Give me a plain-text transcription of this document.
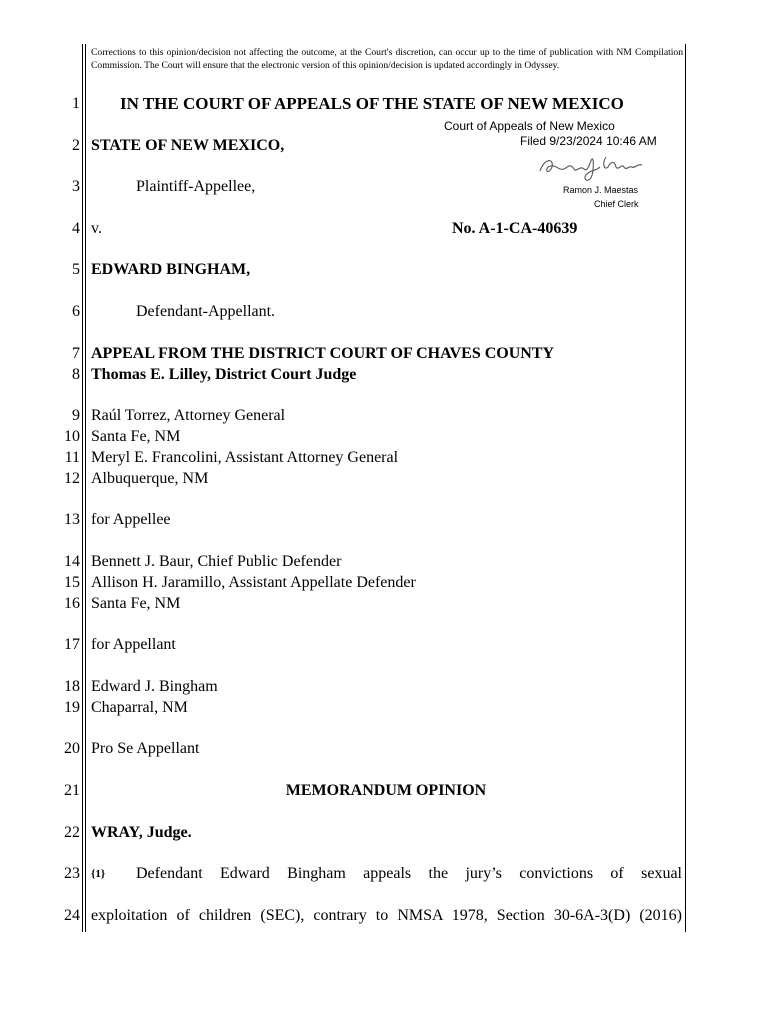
Corrections to this opinion/decision not affecting the outcome, at the Court's discretion, can occur up to the time of publication with NM Compilation Commission. The Court will ensure that the electronic version of this opinion/decision is updated accordingly in Odyssey.
1
2
3
4
5
6
7
8
9
10
11
12
13
14
15
16
17
18
19
20
21
22
23
24
IN THE COURT OF APPEALS OF THE STATE OF NEW MEXICO
Court of Appeals of New Mexico
Filed 9/23/2024 10:46 AM
Ramon J. Maestas
Chief Clerk
STATE OF NEW MEXICO,
Plaintiff-Appellee,
v.	No. A-1-CA-40639
EDWARD BINGHAM,
Defendant-Appellant.
APPEAL FROM THE DISTRICT COURT OF CHAVES COUNTY
Thomas E. Lilley, District Court Judge
Raúl Torrez, Attorney General
Santa Fe, NM
Meryl E. Francolini, Assistant Attorney General
Albuquerque, NM
for Appellee
Bennett J. Baur, Chief Public Defender
Allison H. Jaramillo, Assistant Appellate Defender
Santa Fe, NM
for Appellant
Edward J. Bingham
Chaparral, NM
Pro Se Appellant
MEMORANDUM OPINION
WRAY, Judge.
{1} Defendant Edward Bingham appeals the jury’s convictions of sexual
exploitation of children (SEC), contrary to NMSA 1978, Section 30-6A-3(D) (2016)
